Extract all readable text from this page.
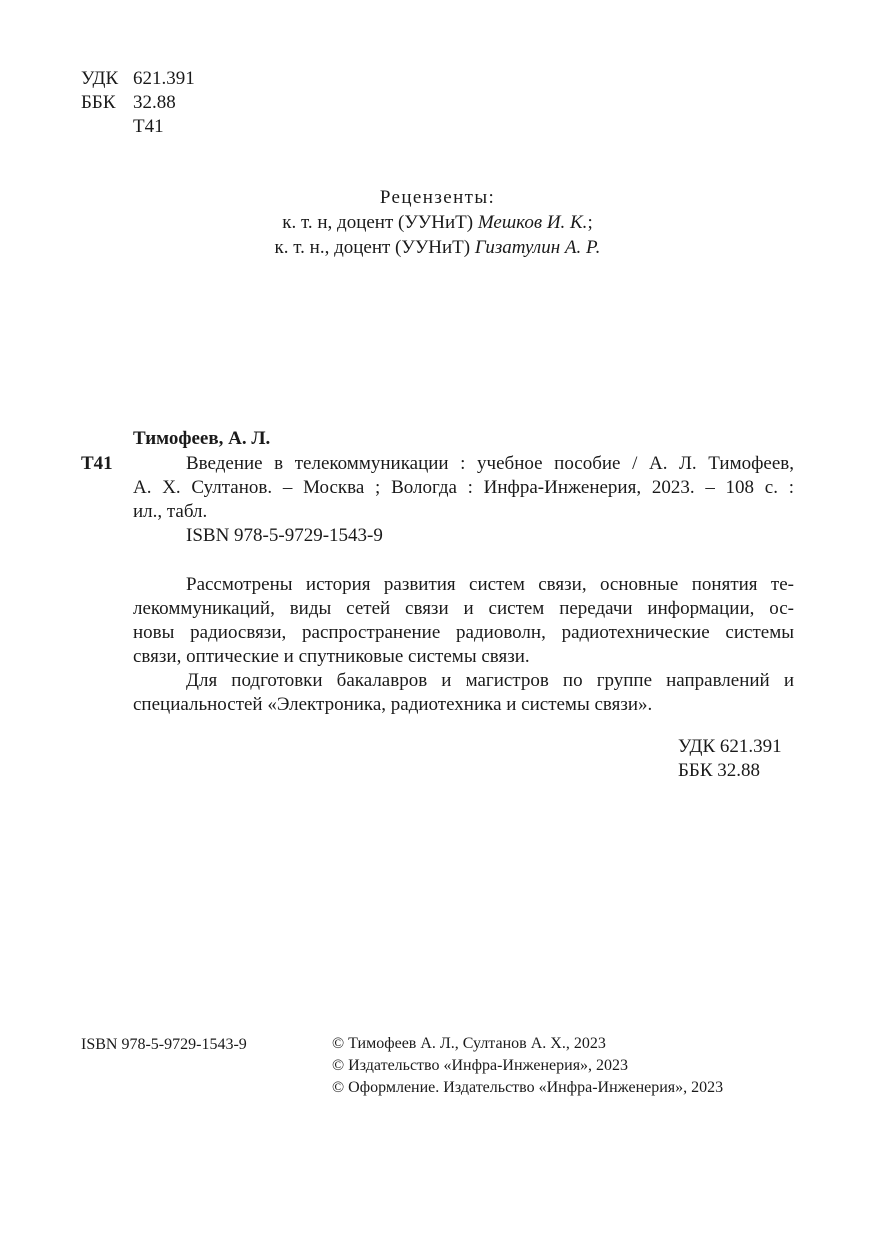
УДК 621.391
ББК 32.88
Т41
Рецензенты:
к. т. н, доцент (УУНиТ) Мешков И. К.;
к. т. н., доцент (УУНиТ) Гизатулин А. Р.
Тимофеев, А. Л.
Т41	Введение в телекоммуникации : учебное пособие / А. Л. Тимофеев,
А. Х. Султанов. – Москва ; Вологда : Инфра-Инженерия, 2023. – 108 с. :
ил., табл.
ISBN 978-5-9729-1543-9
Рассмотрены история развития систем связи, основные понятия те-
лекоммуникаций, виды сетей связи и систем передачи информации, ос-
новы радиосвязи, распространение радиоволн, радиотехнические системы
связи, оптические и спутниковые системы связи.
Для подготовки бакалавров и магистров по группе направлений и
специальностей «Электроника, радиотехника и системы связи».
УДК 621.391
ББК 32.88
ISBN 978-5-9729-1543-9	© Тимофеев А. Л., Султанов А. Х., 2023
© Издательство «Инфра-Инженерия», 2023
© Оформление. Издательство «Инфра-Инженерия», 2023
